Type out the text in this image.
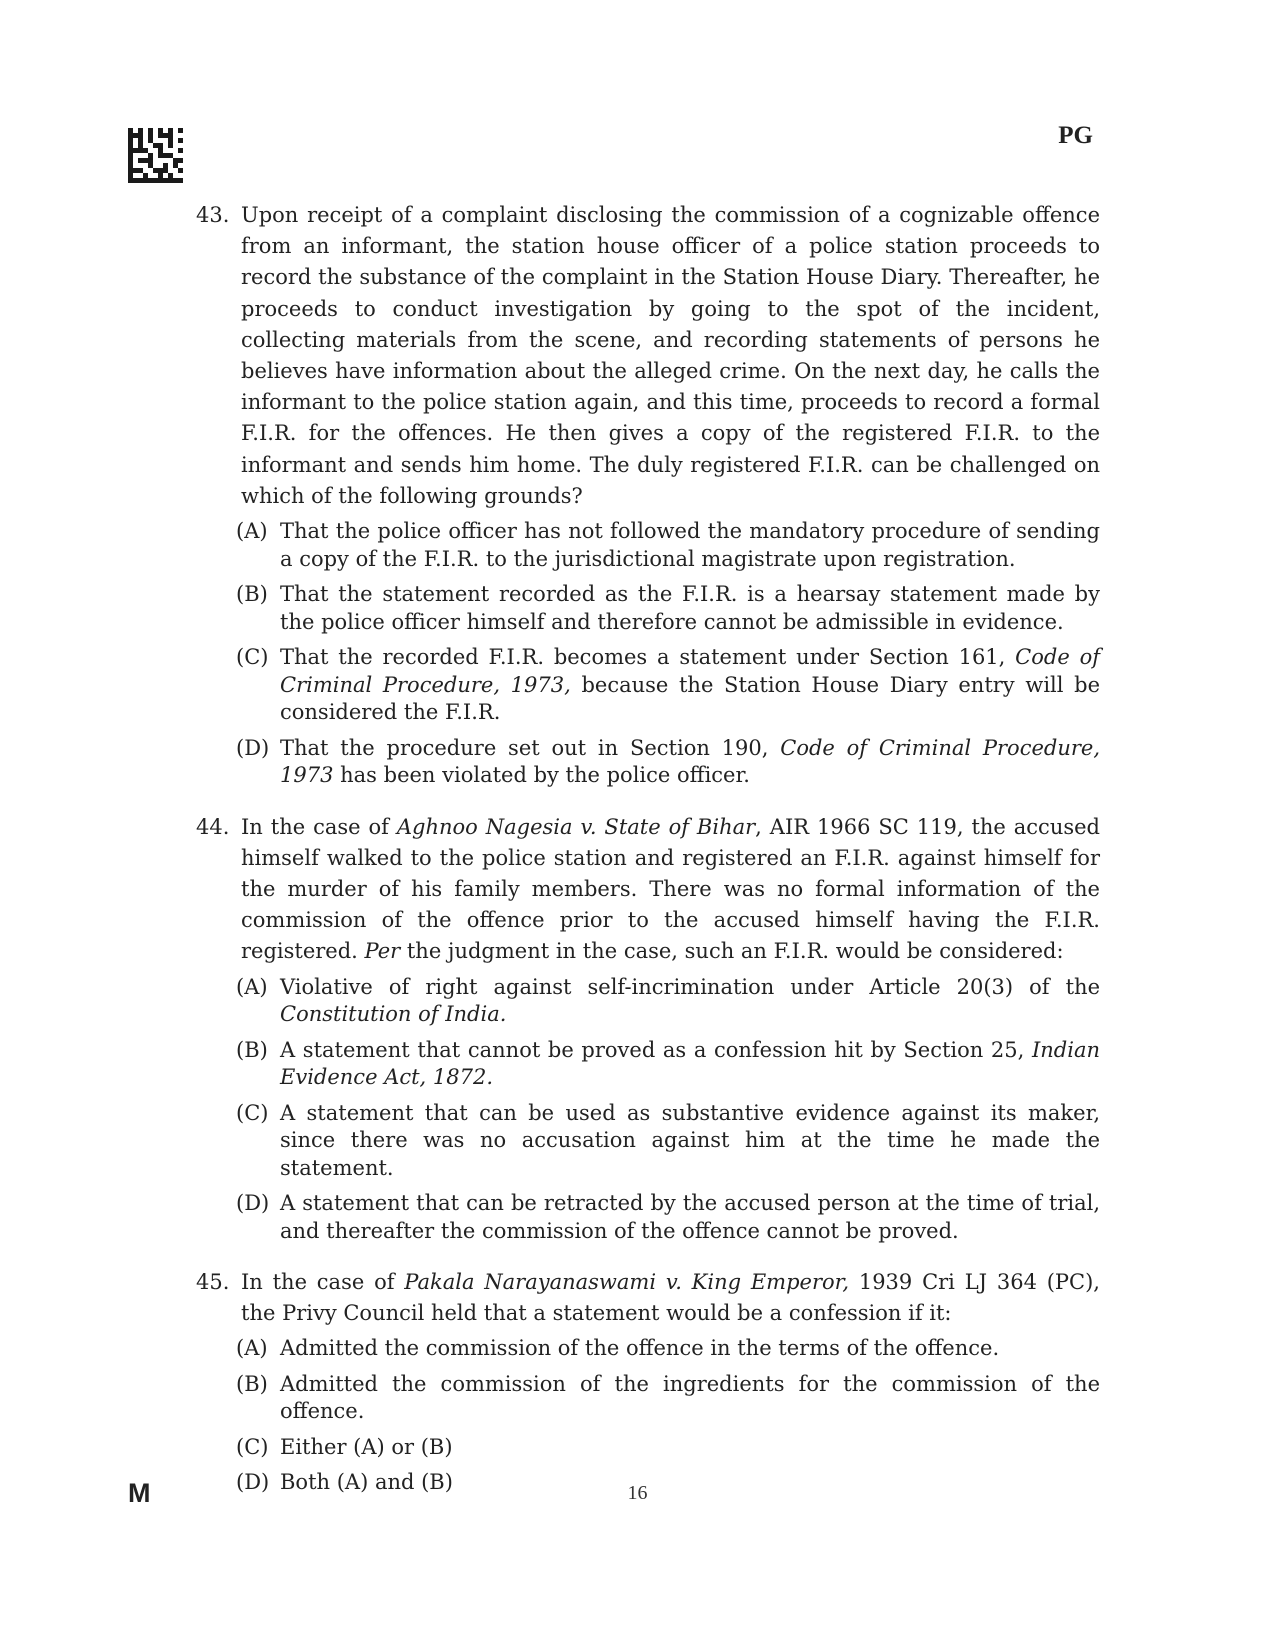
PG
43. Upon receipt of a complaint disclosing the commission of a cognizable offence from an informant, the station house officer of a police station proceeds to record the substance of the complaint in the Station House Diary. Thereafter, he proceeds to conduct investigation by going to the spot of the incident, collecting materials from the scene, and recording statements of persons he believes have information about the alleged crime. On the next day, he calls the informant to the police station again, and this time, proceeds to record a formal F.I.R. for the offences. He then gives a copy of the registered F.I.R. to the informant and sends him home. The duly registered F.I.R. can be challenged on which of the following grounds?
(A) That the police officer has not followed the mandatory procedure of sending a copy of the F.I.R. to the jurisdictional magistrate upon registration.
(B) That the statement recorded as the F.I.R. is a hearsay statement made by the police officer himself and therefore cannot be admissible in evidence.
(C) That the recorded F.I.R. becomes a statement under Section 161, Code of Criminal Procedure, 1973, because the Station House Diary entry will be considered the F.I.R.
(D) That the procedure set out in Section 190, Code of Criminal Procedure, 1973 has been violated by the police officer.
44. In the case of Aghnoo Nagesia v. State of Bihar, AIR 1966 SC 119, the accused himself walked to the police station and registered an F.I.R. against himself for the murder of his family members. There was no formal information of the commission of the offence prior to the accused himself having the F.I.R. registered. Per the judgment in the case, such an F.I.R. would be considered:
(A) Violative of right against self-incrimination under Article 20(3) of the Constitution of India.
(B) A statement that cannot be proved as a confession hit by Section 25, Indian Evidence Act, 1872.
(C) A statement that can be used as substantive evidence against its maker, since there was no accusation against him at the time he made the statement.
(D) A statement that can be retracted by the accused person at the time of trial, and thereafter the commission of the offence cannot be proved.
45. In the case of Pakala Narayanaswami v. King Emperor, 1939 Cri LJ 364 (PC), the Privy Council held that a statement would be a confession if it:
(A) Admitted the commission of the offence in the terms of the offence.
(B) Admitted the commission of the ingredients for the commission of the offence.
(C) Either (A) or (B)
(D) Both (A) and (B)
M	16
